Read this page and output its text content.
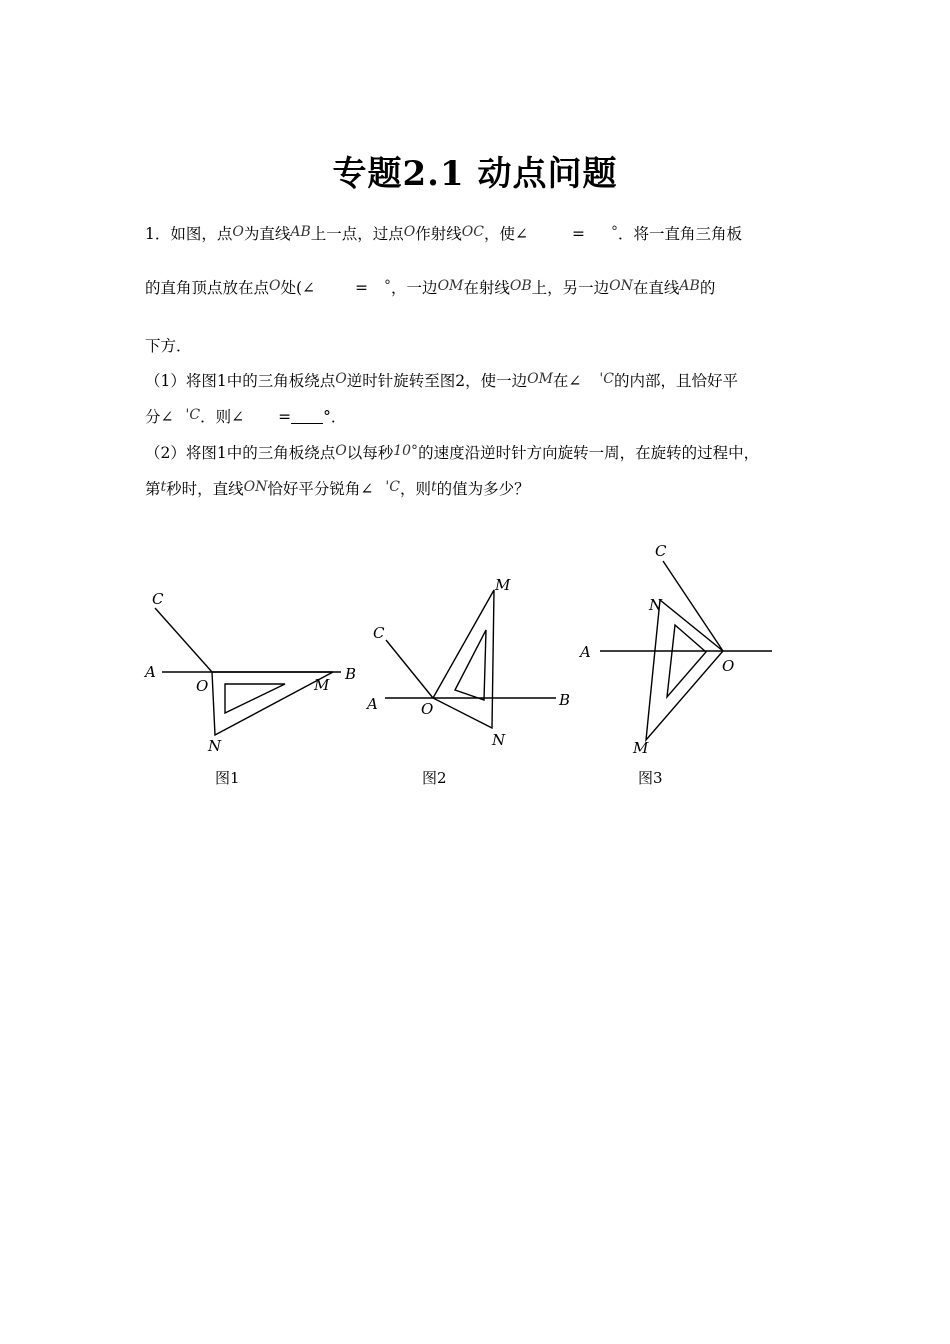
专题2.1 动点问题
1．如图，点O为直线AB上一点，过点O作射线OC，使∠	= °．将一直角三角板
的直角顶点放在点O处(∠	= °，一边OM在射线OB上，另一边ON在直线AB的
下方．
（1）将图1中的三角板绕点O逆时针旋转至图2，使一边OM在∠ 'C的内部，且恰好平
分∠ 'C．则∠ = °．
（2）将图1中的三角板绕点O以每秒10°的速度沿逆时针方向旋转一周，在旋转的过程中，
第t秒时，直线ON恰好平分锐角∠ 'C，则t的值为多少？
C
A
O	M
B
N
图1
M
C
A	O	B
N
图2
C
N
A
O
M
图3
